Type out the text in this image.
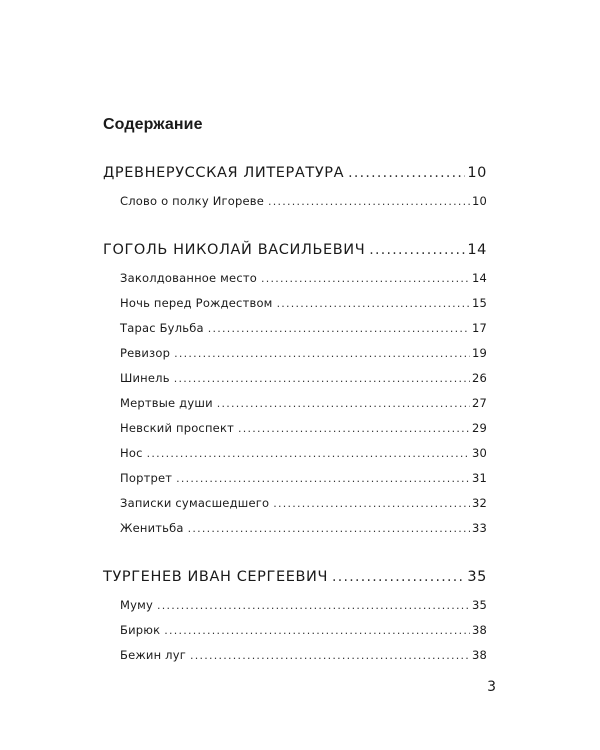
Содержание
ДРЕВНЕРУССКАЯ ЛИТЕРАТУРА .....	10
Слово о полку Игореве .....	10
ГОГОЛЬ НИКОЛАЙ ВАСИЛЬЕВИЧ .....	14
Заколдованное место .....	14
Ночь перед Рождеством .....	15
Тарас Бульба .....	17
Ревизор .....	19
Шинель .....	26
Мертвые души .....	27
Невский проспект .....	29
Нос .....	30
Портрет .....	31
Записки сумасшедшего .....	32
Женитьба .....	33
ТУРГЕНЕВ ИВАН СЕРГЕЕВИЧ .....	35
Муму .....	35
Бирюк .....	38
Бежин луг .....	38
3
